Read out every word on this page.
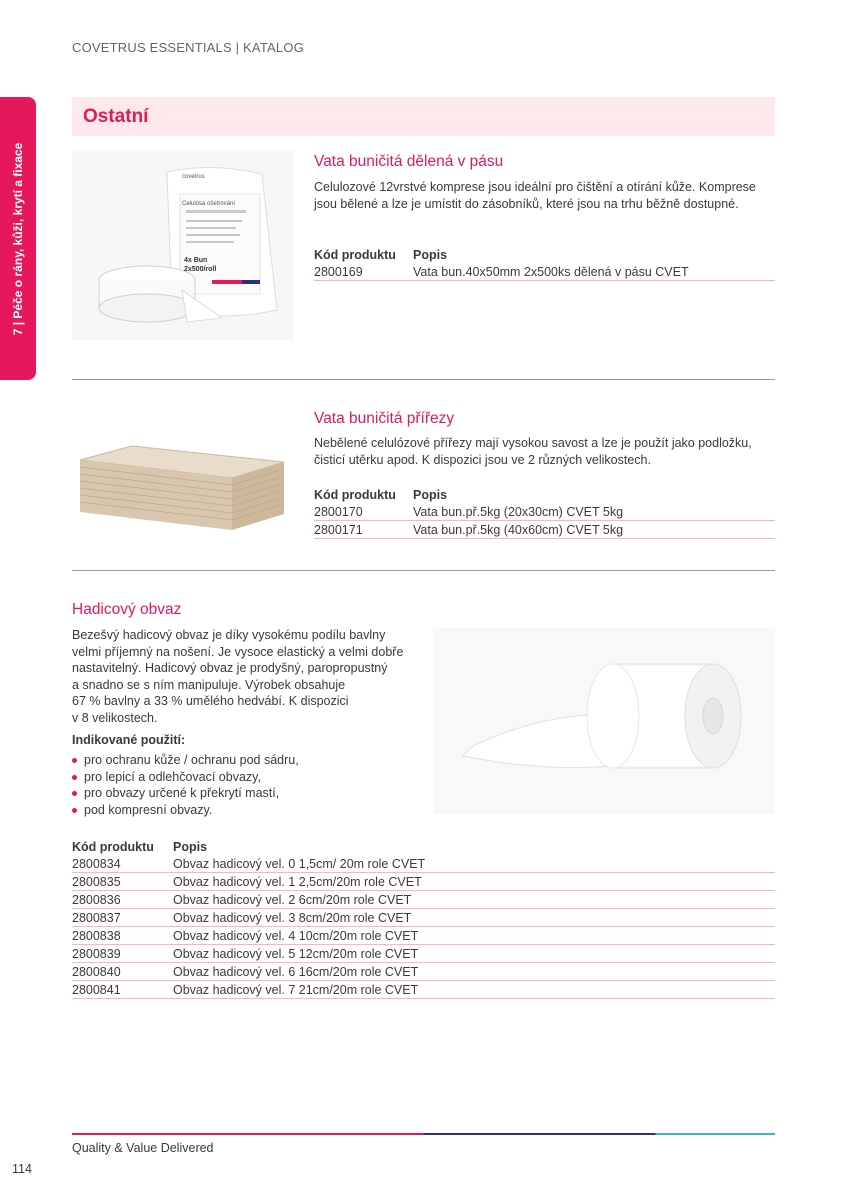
COVETRUS ESSENTIALS | KATALOG
7 | Péče o rány, kůži, krytí a fixace
Ostatní
covetrus
Celulosa ošetrování
4x Bun
2x500/roll
Vata buničitá dělená v pásu
Celulozové 12vrstvé komprese jsou ideální pro čištění a otírání kůže. Komprese jsou bělené a lze je umístit do zásobníků, které jsou na trhu běžně dostupné.
Kód produktu	Popis
2800169	Vata bun.40x50mm 2x500ks dělená v pásu CVET
Vata buničitá přířezy
Nebělené celulózové přířezy mají vysokou savost a lze je použít jako podložku, čisticí utěrku apod. K dispozici jsou ve 2 různých velikostech.
Kód produktu	Popis
2800170	Vata bun.př.5kg (20x30cm) CVET 5kg
2800171	Vata bun.př.5kg (40x60cm) CVET 5kg
Hadicový obvaz
Bezešvý hadicový obvaz je díky vysokému podílu bavlny
velmi příjemný na nošení. Je vysoce elastický a velmi dobře
nastavitelný. Hadicový obvaz je prodyšný, paropropustný
a snadno se s ním manipuluje. Výrobek obsahuje
67 % bavlny a 33 % umělého hedvábí. K dispozici
v 8 velikostech.
Indikované použití:
pro ochranu kůže / ochranu pod sádru,
pro lepicí a odlehčovací obvazy,
pro obvazy určené k překrytí mastí,
pod kompresní obvazy.
Kód produktu	Popis
2800834	Obvaz hadicový vel. 0 1,5cm/ 20m role CVET
2800835	Obvaz hadicový vel. 1 2,5cm/20m role CVET
2800836	Obvaz hadicový vel. 2 6cm/20m role CVET
2800837	Obvaz hadicový vel. 3 8cm/20m role CVET
2800838	Obvaz hadicový vel. 4 10cm/20m role CVET
2800839	Obvaz hadicový vel. 5 12cm/20m role CVET
2800840	Obvaz hadicový vel. 6 16cm/20m role CVET
2800841	Obvaz hadicový vel. 7 21cm/20m role CVET
Quality & Value Delivered
114
